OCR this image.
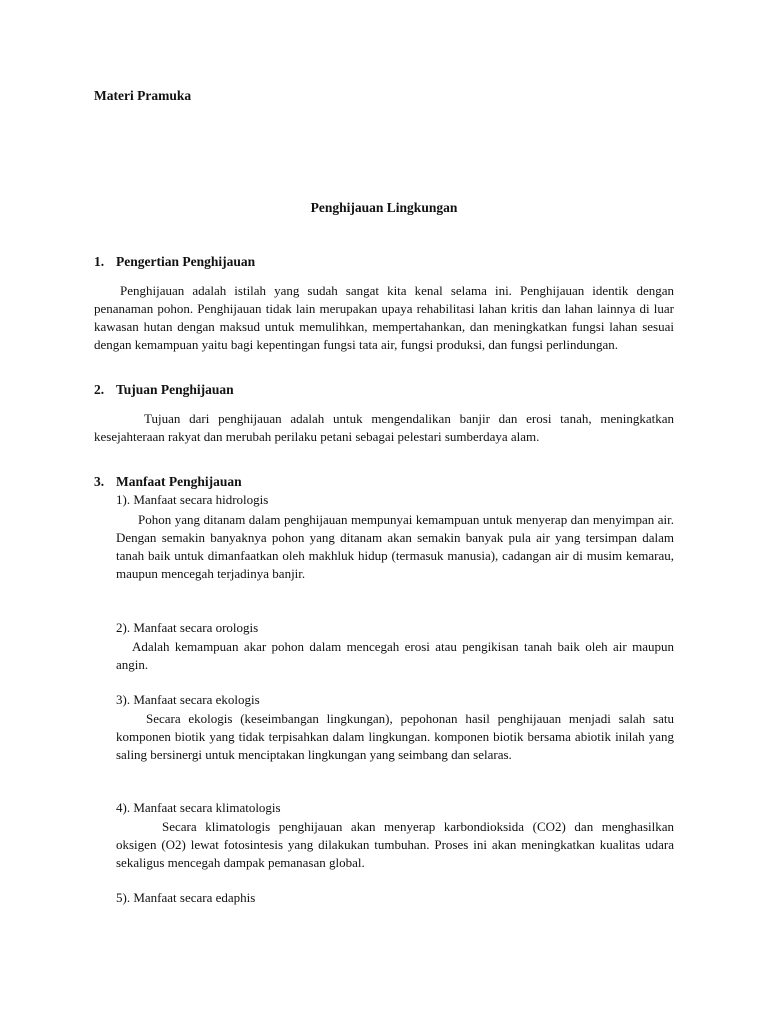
Materi Pramuka

Penghijauan Lingkungan

1. Pengertian Penghijauan

Penghijauan adalah istilah yang sudah sangat kita kenal selama ini. Penghijauan identik dengan penanaman pohon. Penghijauan tidak lain merupakan upaya rehabilitasi lahan kritis dan lahan lainnya di luar kawasan hutan dengan maksud untuk memulihkan, mempertahankan, dan meningkatkan fungsi lahan sesuai dengan kemampuan yaitu bagi kepentingan fungsi tata air, fungsi produksi, dan fungsi perlindungan.

2. Tujuan Penghijauan

Tujuan dari penghijauan adalah untuk mengendalikan banjir dan erosi tanah, meningkatkan kesejahteraan rakyat dan merubah perilaku petani sebagai pelestari sumberdaya alam.

3. Manfaat Penghijauan

1). Manfaat secara hidrologis

Pohon yang ditanam dalam penghijauan mempunyai kemampuan untuk menyerap dan menyimpan air. Dengan semakin banyaknya pohon yang ditanam akan semakin banyak pula air yang tersimpan dalam tanah baik untuk dimanfaatkan oleh makhluk hidup (termasuk manusia), cadangan air di musim kemarau, maupun mencegah terjadinya banjir.

2). Manfaat secara orologis

Adalah kemampuan akar pohon dalam mencegah erosi atau pengikisan tanah baik oleh air maupun angin.

3). Manfaat secara ekologis

Secara ekologis (keseimbangan lingkungan), pepohonan hasil penghijauan menjadi salah satu komponen biotik yang tidak terpisahkan dalam lingkungan. komponen biotik bersama abiotik inilah yang saling bersinergi untuk menciptakan lingkungan yang seimbang dan selaras.

4). Manfaat secara klimatologis

Secara klimatologis penghijauan akan menyerap karbondioksida (CO2) dan menghasilkan oksigen (O2) lewat fotosintesis yang dilakukan tumbuhan. Proses ini akan meningkatkan kualitas udara sekaligus mencegah dampak pemanasan global.

5). Manfaat secara edaphis
